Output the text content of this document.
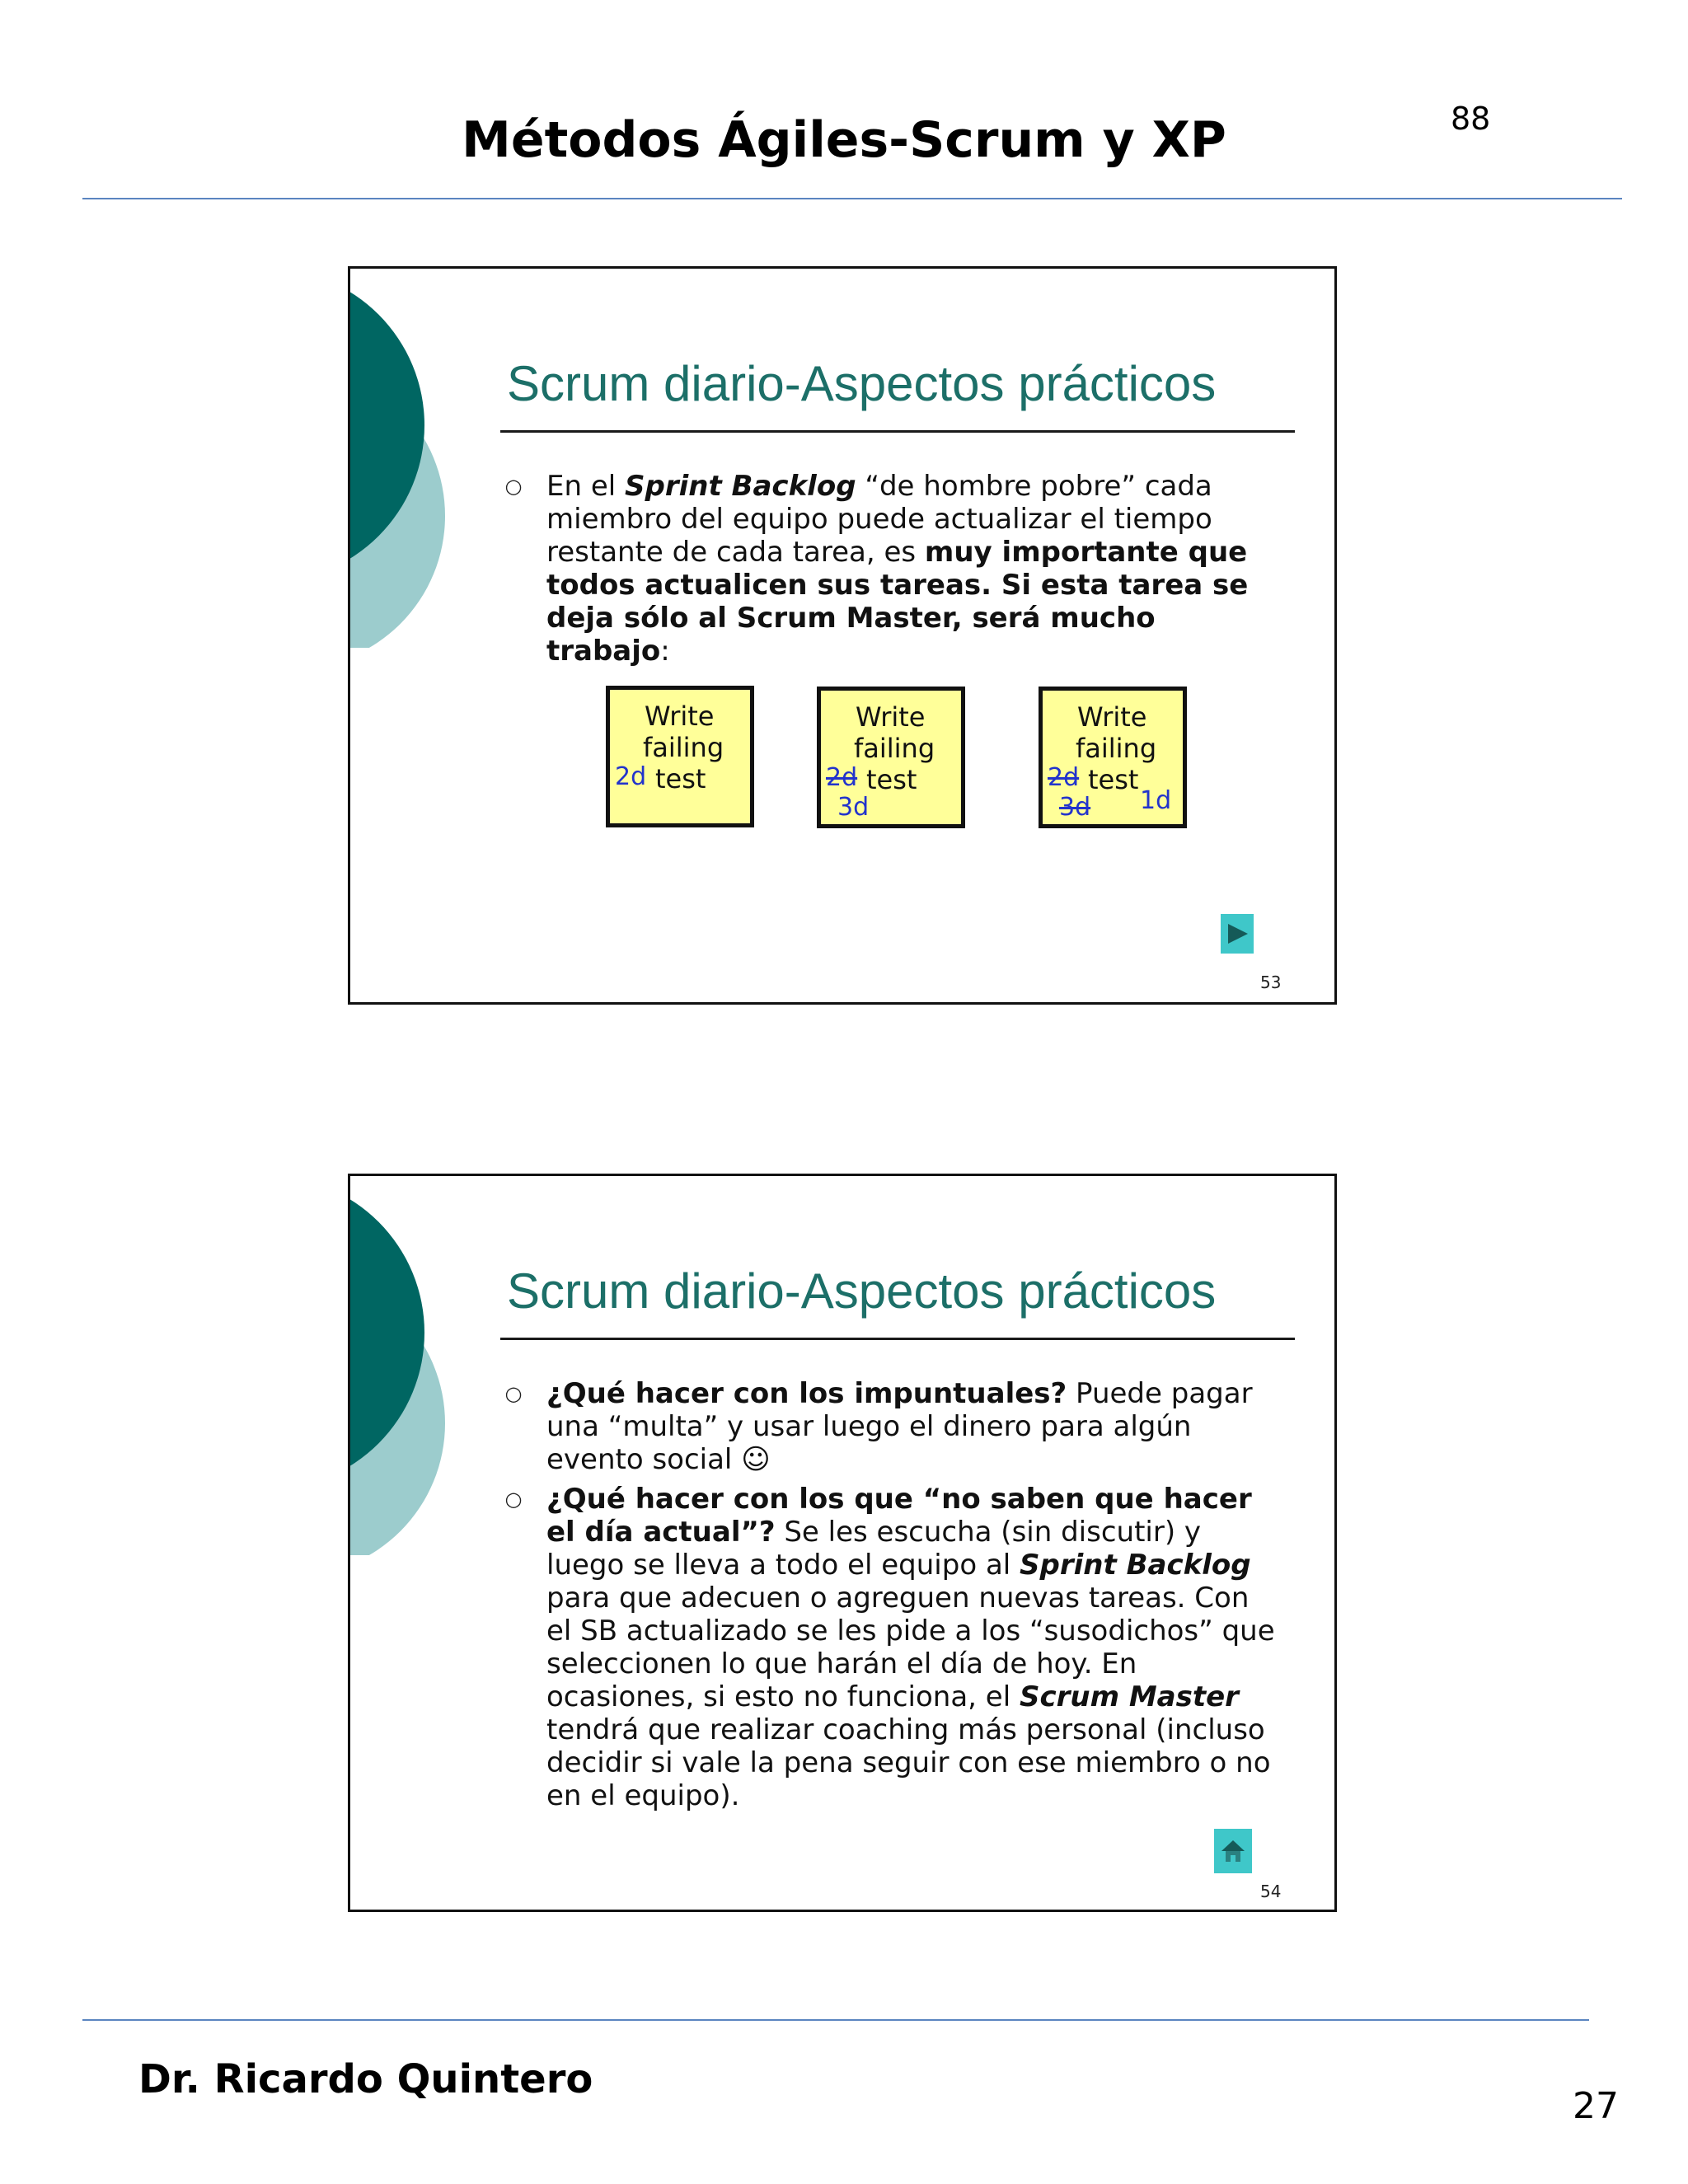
Métodos Ágiles-Scrum y XP	88
Scrum diario-Aspectos prácticos
○ En el Sprint Backlog “de hombre pobre” cada miembro del equipo puede actualizar el tiempo restante de cada tarea, es muy importante que todos actualicen sus tareas. Si esta tarea se deja sólo al Scrum Master, será mucho trabajo:
Write
failing
test
2d
Write
failing
test
2d
3d
Write
failing
test
2d
3d 1d
53
Scrum diario-Aspectos prácticos
○ ¿Qué hacer con los impuntuales? Puede pagar una “multa” y usar luego el dinero para algún evento social ☺
○ ¿Qué hacer con los que “no saben que hacer el día actual”? Se les escucha (sin discutir) y luego se lleva a todo el equipo al Sprint Backlog para que adecuen o agreguen nuevas tareas. Con el SB actualizado se les pide a los “susodichos” que seleccionen lo que harán el día de hoy. En ocasiones, si esto no funciona, el Scrum Master tendrá que realizar coaching más personal (incluso decidir si vale la pena seguir con ese miembro o no en el equipo).
54
Dr. Ricardo Quintero
27
